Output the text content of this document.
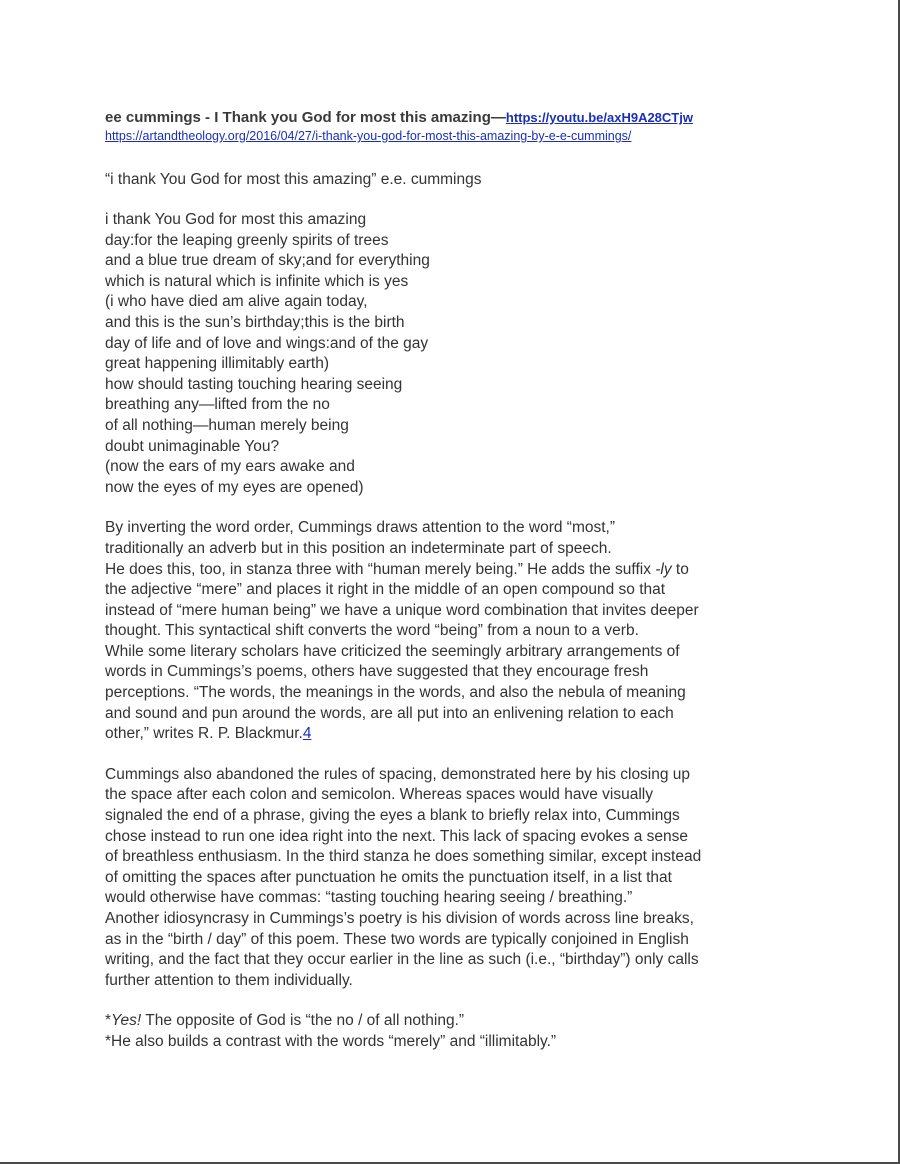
ee cummings - I Thank you God for most this amazing—https://youtu.be/axH9A28CTjw
https://artandtheology.org/2016/04/27/i-thank-you-god-for-most-this-amazing-by-e-e-cummings/
“i thank You God for most this amazing” e.e. cummings
i thank You God for most this amazing
day:for the leaping greenly spirits of trees
and a blue true dream of sky;and for everything
which is natural which is infinite which is yes
(i who have died am alive again today,
and this is the sun’s birthday;this is the birth
day of life and of love and wings:and of the gay
great happening illimitably earth)
how should tasting touching hearing seeing
breathing any—lifted from the no
of all nothing—human merely being
doubt unimaginable You?
(now the ears of my ears awake and
now the eyes of my eyes are opened)
By inverting the word order, Cummings draws attention to the word “most,”
traditionally an adverb but in this position an indeterminate part of speech.
He does this, too, in stanza three with “human merely being.” He adds the suffix -ly to
the adjective “mere” and places it right in the middle of an open compound so that
instead of “mere human being” we have a unique word combination that invites deeper
thought. This syntactical shift converts the word “being” from a noun to a verb.
While some literary scholars have criticized the seemingly arbitrary arrangements of
words in Cummings’s poems, others have suggested that they encourage fresh
perceptions. “The words, the meanings in the words, and also the nebula of meaning
and sound and pun around the words, are all put into an enlivening relation to each
other,” writes R. P. Blackmur.4
Cummings also abandoned the rules of spacing, demonstrated here by his closing up
the space after each colon and semicolon. Whereas spaces would have visually
signaled the end of a phrase, giving the eyes a blank to briefly relax into, Cummings
chose instead to run one idea right into the next. This lack of spacing evokes a sense
of breathless enthusiasm. In the third stanza he does something similar, except instead
of omitting the spaces after punctuation he omits the punctuation itself, in a list that
would otherwise have commas: “tasting touching hearing seeing / breathing.”
Another idiosyncrasy in Cummings’s poetry is his division of words across line breaks,
as in the “birth / day” of this poem. These two words are typically conjoined in English
writing, and the fact that they occur earlier in the line as such (i.e., “birthday”) only calls
further attention to them individually.
*Yes! The opposite of God is “the no / of all nothing.”
*He also builds a contrast with the words “merely” and “illimitably.”
